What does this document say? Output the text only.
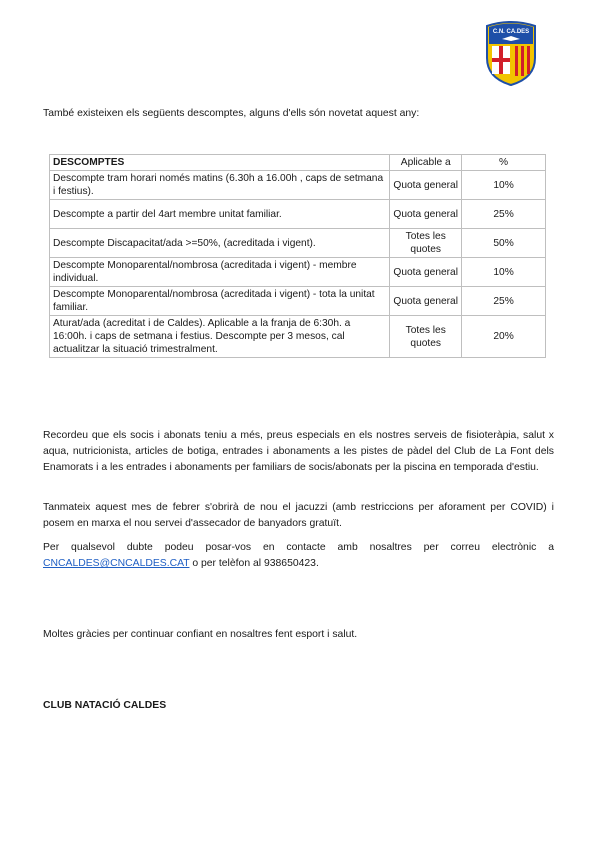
C.N. CA.DES

També existeixen els següents descomptes, alguns d'ells són novetat aquest any:

DESCOMPTES	Aplicable a	%
Descompte tram horari només matins (6.30h a 16.00h , caps de setmana i festius).	Quota general	10%
Descompte a partir del 4art membre unitat familiar.	Quota general	25%
Descompte Discapacitat/ada >=50%, (acreditada i vigent).	Totes les quotes	50%
Descompte Monoparental/nombrosa (acreditada i vigent) - membre individual.	Quota general	10%
Descompte Monoparental/nombrosa (acreditada i vigent) - tota la unitat familiar.	Quota general	25%
Aturat/ada (acreditat i de Caldes). Aplicable a la franja de 6:30h. a 16:00h. i caps de setmana i festius. Descompte per 3 mesos, cal actualitzar la situació trimestralment.	Totes les quotes	20%

Recordeu que els socis i abonats teniu a més, preus especials en els nostres serveis de fisioteràpia, salut x aqua, nutricionista, articles de botiga, entrades i abonaments a les pistes de pàdel del Club de La Font dels Enamorats i a les entrades i abonaments per familiars de socis/abonats per la piscina en temporada d'estiu.

Tanmateix aquest mes de febrer s'obrirà de nou el jacuzzi (amb restriccions per aforament per COVID) i posem en marxa el nou servei d'assecador de banyadors gratuït.

Per qualsevol dubte podeu posar-vos en contacte amb nosaltres per correu electrònic a CNCALDES@CNCALDES.CAT o per telèfon al 938650423.

Moltes gràcies per continuar confiant en nosaltres fent esport i salut.

CLUB NATACIÓ CALDES
